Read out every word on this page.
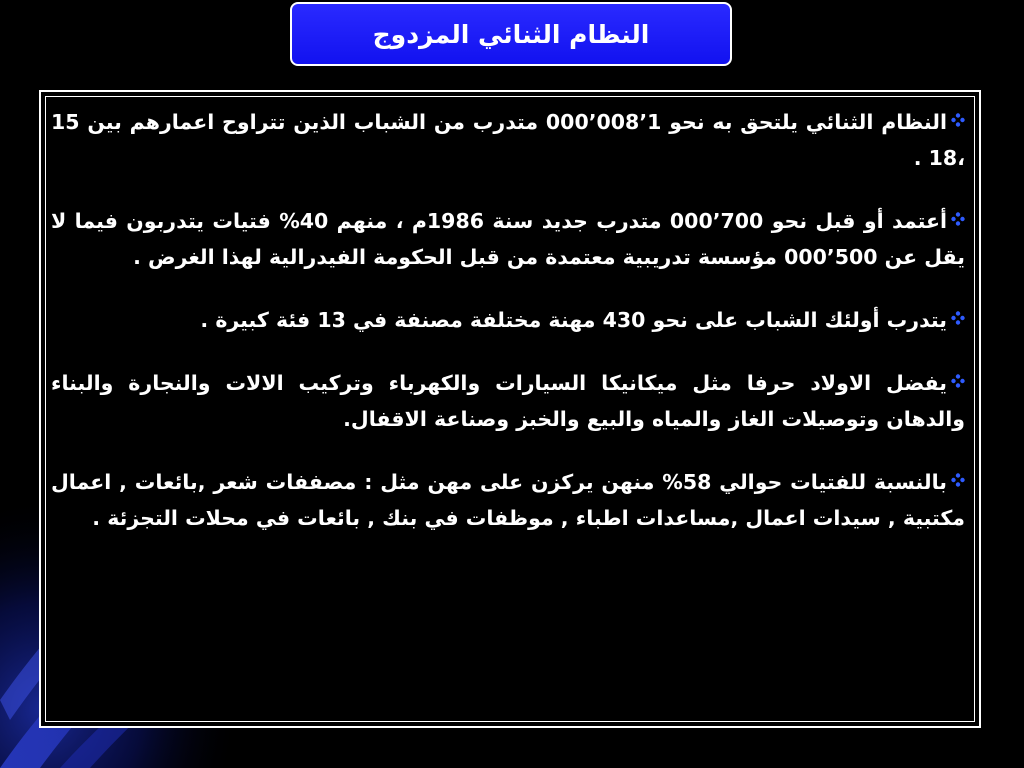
النظام الثنائي المزدوج

النظام الثنائي يلتحق به نحو 1’008’000 متدرب من الشباب الذين تتراوح اعمارهم بين 15 ،18 .

أعتمد أو قبل نحو 700’000 متدرب جديد سنة 1986م ، منهم 40% فتيات يتدربون فيما لا يقل عن 500’000 مؤسسة تدريبية معتمدة من قبل الحكومة الفيدرالية لهذا الغرض .

يتدرب أولئك الشباب على نحو 430 مهنة مختلفة مصنفة في 13 فئة كبيرة .

يفضل الاولاد حرفا مثل ميكانيكا السيارات والكهرباء وتركيب الالات والنجارة والبناء والدهان وتوصيلات الغاز والمياه والبيع والخبز وصناعة الاقفال.

بالنسبة للفتيات حوالي 58% منهن يركزن على مهن مثل : مصففات شعر ,بائعات , اعمال مكتبية , سيدات اعمال ,مساعدات اطباء , موظفات في بنك , بائعات في محلات التجزئة .
